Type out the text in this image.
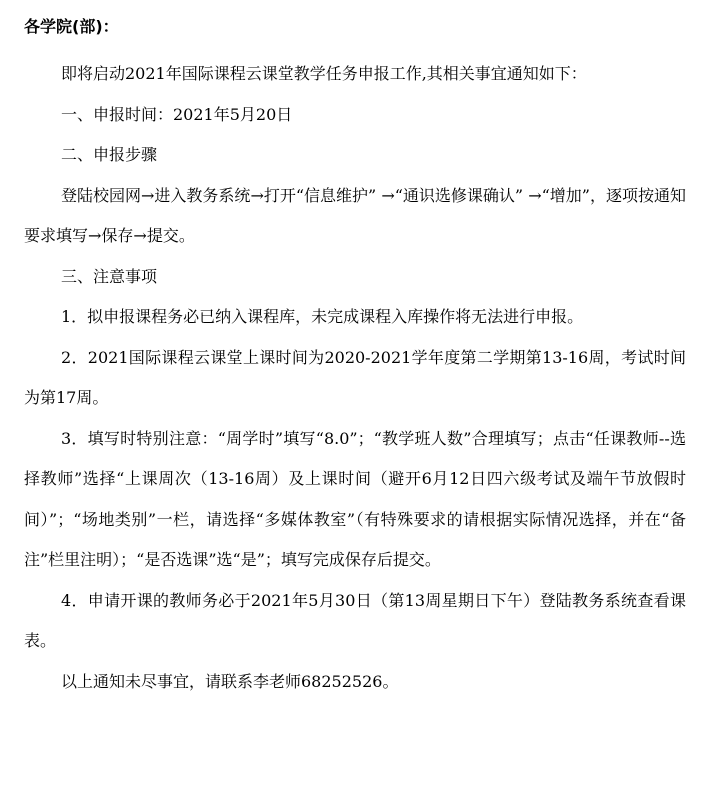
各学院(部)：

即将启动2021年国际课程云课堂教学任务申报工作,其相关事宜通知如下：

一、申报时间：2021年5月20日

二、申报步骤

登陆校园网→进入教务系统→打开“信息维护” →“通识选修课确认” →“增加”，逐项按通知要求填写→保存→提交。

三、注意事项

1．拟申报课程务必已纳入课程库，未完成课程入库操作将无法进行申报。

2．2021国际课程云课堂上课时间为2020-2021学年度第二学期第13-16周，考试时间为第17周。

3．填写时特别注意：“周学时”填写“8.0”；“教学班人数”合理填写；点击“任课教师--选择教师”选择“上课周次（13-16周）及上课时间（避开6月12日四六级考试及端午节放假时间）”；“场地类别”一栏，请选择“多媒体教室”（有特殊要求的请根据实际情况选择，并在“备注”栏里注明）；“是否选课”选“是”；填写完成保存后提交。

4．申请开课的教师务必于2021年5月30日（第13周星期日下午）登陆教务系统查看课表。

以上通知未尽事宜，请联系李老师68252526。
